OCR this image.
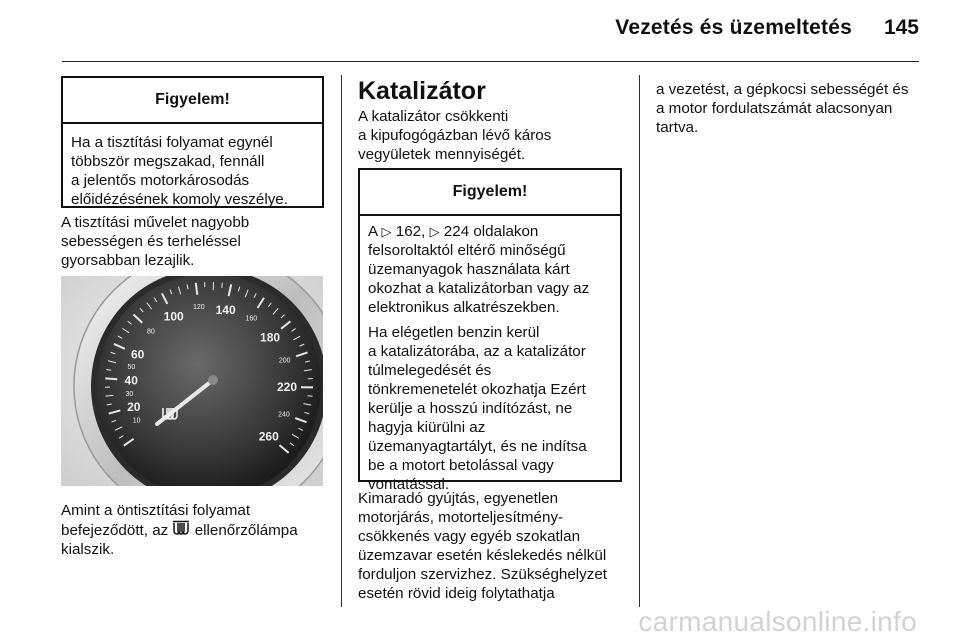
Vezetés és üzemeltetés 145
Figyelem!
Ha a tisztítási folyamat egynél
többször megszakad, fennáll
a jelentős motorkárosodás
előidézésének komoly veszélye.
A tisztítási művelet nagyobb
sebességen és terheléssel
gyorsabban lezajlik.
20
40
60
100	140
180
220
260
10
30
50
80
120
160
200
240
Amint a öntisztítási folyamat
befejeződött, az ellenőrzőlámpa
kialszik.
Katalizátor
A katalizátor csökkenti
a kipufogógázban lévő káros
vegyületek mennyiségét.
Figyelem!

A ▷ 162, ▷ 224 oldalakon
felsoroltaktól eltérő minőségű
üzemanyagok használata kárt
okozhat a katalizátorban vagy az
elektronikus alkatrészekben.

Ha elégetlen benzin kerül
a katalizátorába, az a katalizátor
túlmelegedését és
tönkremenetelét okozhatja Ezért
kerülje a hosszú indítózást, ne
hagyja kiürülni az
üzemanyagtartályt, és ne indítsa
be a motort betolással vagy
vontatással.

Kimaradó gyújtás, egyenetlen
motorjárás, motorteljesítmény-
csökkenés vagy egyéb szokatlan
üzemzavar esetén késlekedés nélkül
forduljon szervizhez. Szükséghelyzet
esetén rövid ideig folytathatja
a vezetést, a gépkocsi sebességét és
a motor fordulatszámát alacsonyan
tartva.
carmanualsonline.info
